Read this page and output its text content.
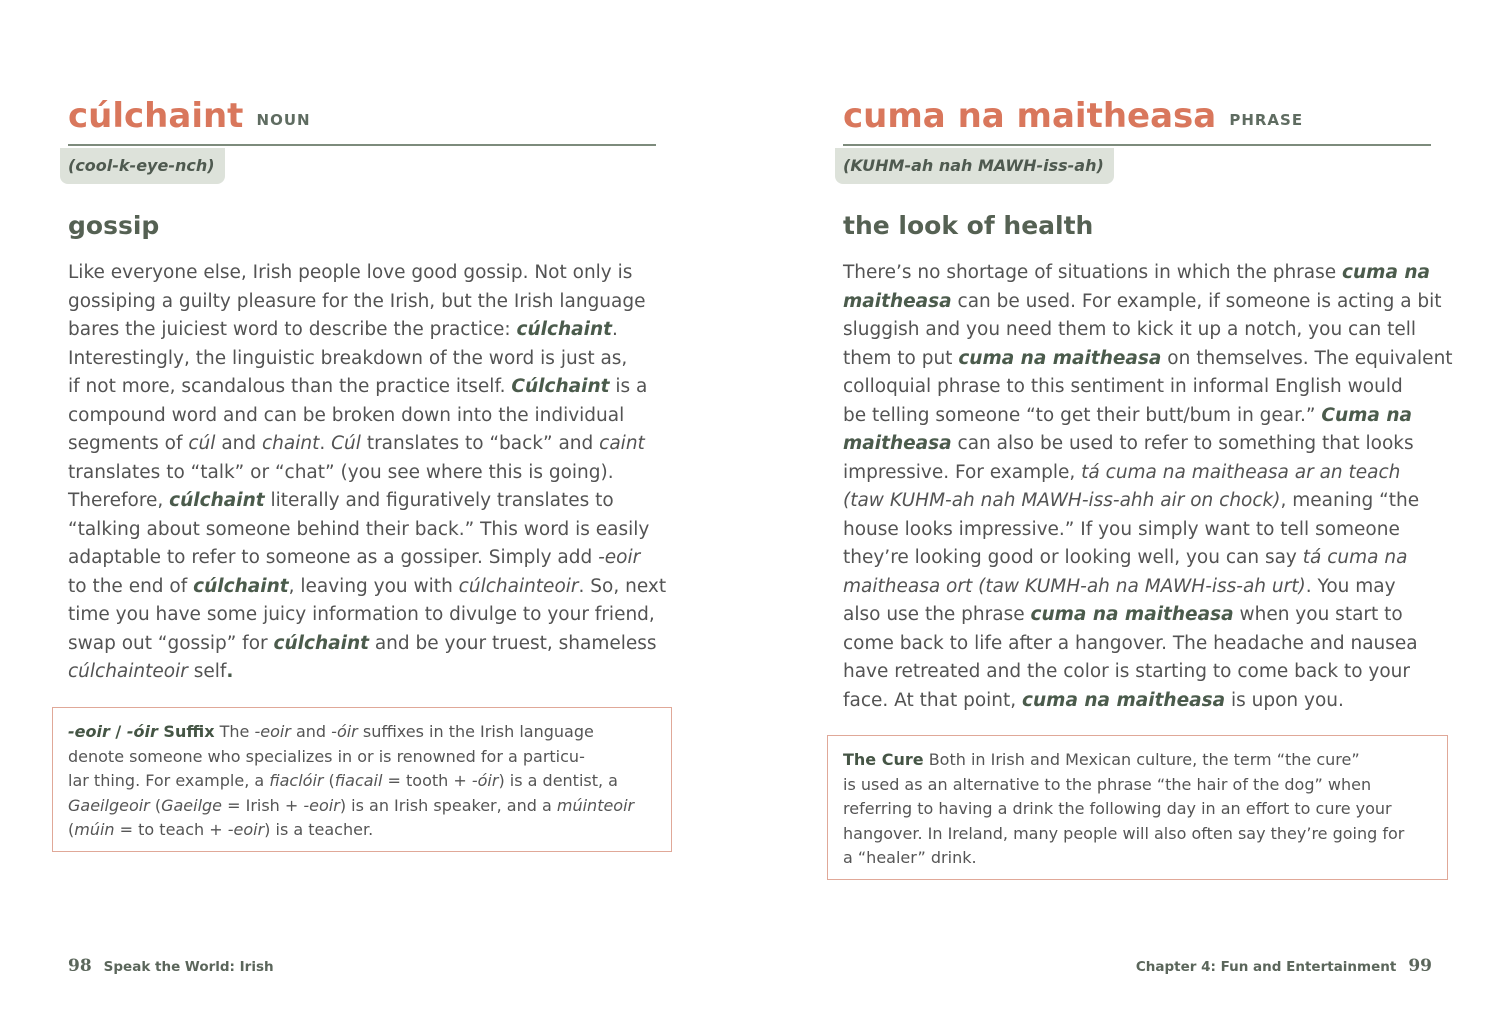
cúlchaint NOUN
(cool-k-eye-nch)
gossip
Like everyone else, Irish people love good gossip. Not only is
gossiping a guilty pleasure for the Irish, but the Irish language
bares the juiciest word to describe the practice: cúlchaint.
Interestingly, the linguistic breakdown of the word is just as,
if not more, scandalous than the practice itself. Cúlchaint is a
compound word and can be broken down into the individual
segments of cúl and chaint. Cúl translates to “back” and caint
translates to “talk” or “chat” (you see where this is going).
Therefore, cúlchaint literally and figuratively translates to
“talking about someone behind their back.” This word is easily
adaptable to refer to someone as a gossiper. Simply add -eoir
to the end of cúlchaint, leaving you with cúlchainteoir. So, next
time you have some juicy information to divulge to your friend,
swap out “gossip” for cúlchaint and be your truest, shameless
cúlchainteoir self.
-eoir / -óir Suffix The -eoir and -óir suffixes in the Irish language
denote someone who specializes in or is renowned for a particu-
lar thing. For example, a fiaclóir (fiacail = tooth + -óir) is a dentist, a
Gaeilgeoir (Gaeilge = Irish + -eoir) is an Irish speaker, and a múinteoir
(múin = to teach + -eoir) is a teacher.
98 Speak the World: Irish
cuma na maitheasa PHRASE
(KUHM-ah nah MAWH-iss-ah)
the look of health
There’s no shortage of situations in which the phrase cuma na
maitheasa can be used. For example, if someone is acting a bit
sluggish and you need them to kick it up a notch, you can tell
them to put cuma na maitheasa on themselves. The equivalent
colloquial phrase to this sentiment in informal English would
be telling someone “to get their butt/bum in gear.” Cuma na
maitheasa can also be used to refer to something that looks
impressive. For example, tá cuma na maitheasa ar an teach
(taw KUHM-ah nah MAWH-iss-ahh air on chock), meaning “the
house looks impressive.” If you simply want to tell someone
they’re looking good or looking well, you can say tá cuma na
maitheasa ort (taw KUMH-ah na MAWH-iss-ah urt). You may
also use the phrase cuma na maitheasa when you start to
come back to life after a hangover. The headache and nausea
have retreated and the color is starting to come back to your
face. At that point, cuma na maitheasa is upon you.
The Cure Both in Irish and Mexican culture, the term “the cure”
is used as an alternative to the phrase “the hair of the dog” when
referring to having a drink the following day in an effort to cure your
hangover. In Ireland, many people will also often say they’re going for
a “healer” drink.
Chapter 4: Fun and Entertainment 99
